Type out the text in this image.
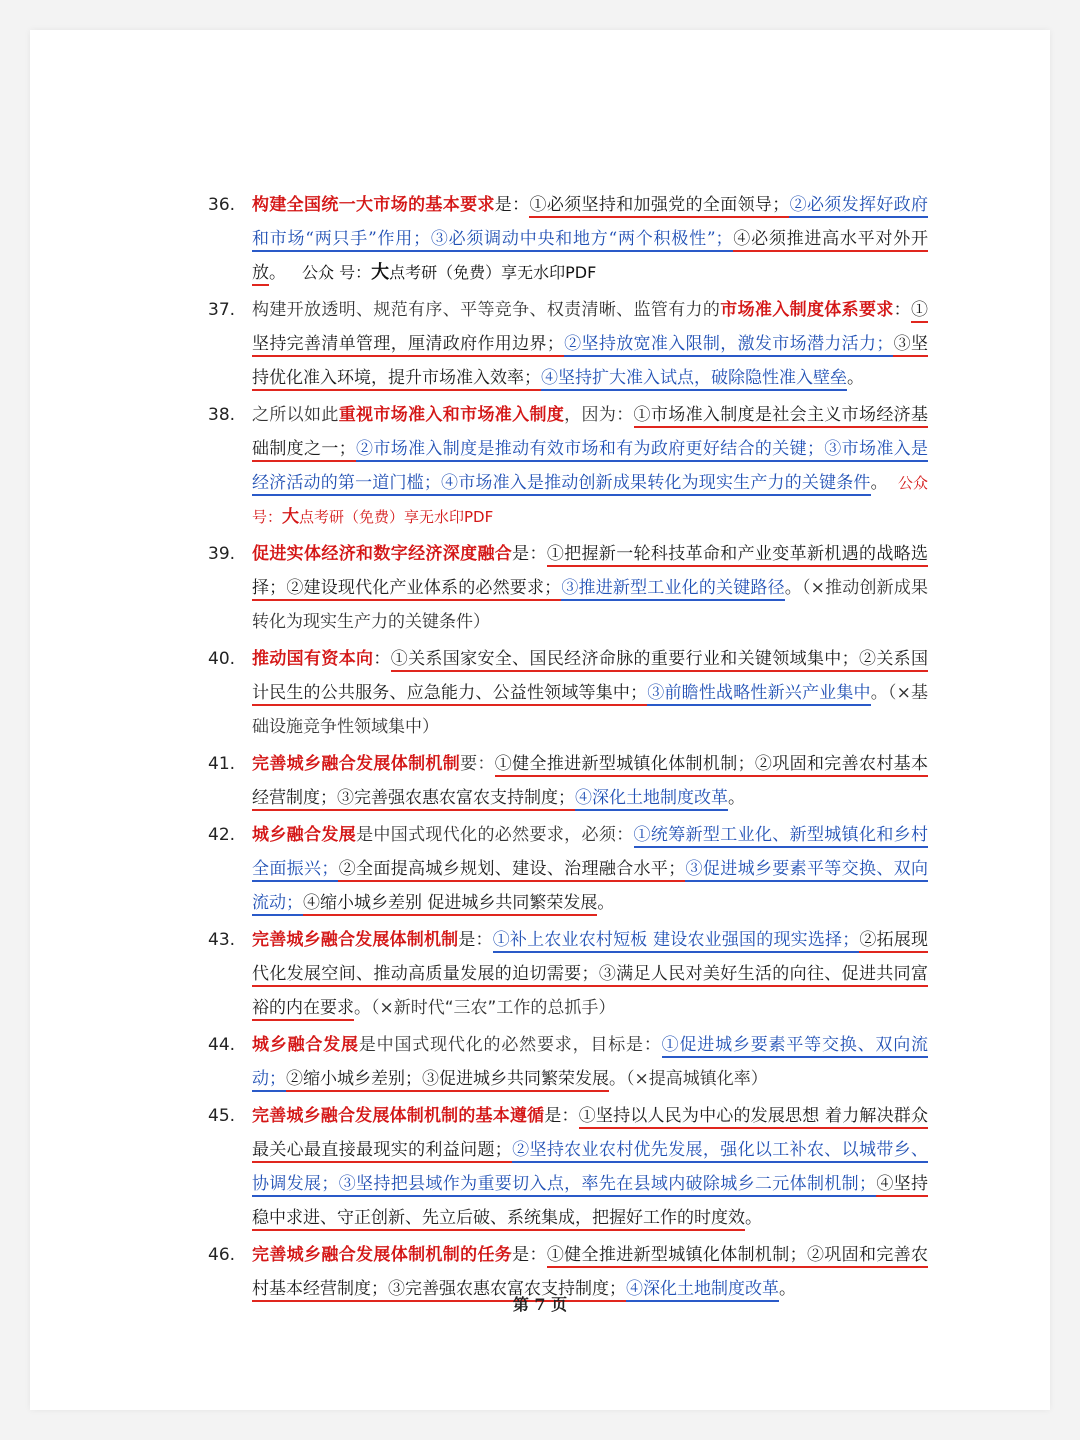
36. 构建全国统一大市场的基本要求是：①必须坚持和加强党的全面领导；②必须发挥好政府和市场“两只手”作用；③必须调动中央和地方“两个积极性”；④必须推进高水平对外开放。 公众 号：大点考研（免费）享无水印PDF
37. 构建开放透明、规范有序、平等竞争、权责清晰、监管有力的市场准入制度体系要求：①坚持完善清单管理，厘清政府作用边界；②坚持放宽准入限制，激发市场潜力活力；③坚持优化准入环境，提升市场准入效率；④坚持扩大准入试点，破除隐性准入壁垒。
38. 之所以如此重视市场准入和市场准入制度，因为：①市场准入制度是社会主义市场经济基础制度之一；②市场准入制度是推动有效市场和有为政府更好结合的关键；③市场准入是经济活动的第一道门槛；④市场准入是推动创新成果转化为现实生产力的关键条件。 公众 号：大点考研（免费）享无水印PDF
39. 促进实体经济和数字经济深度融合是：①把握新一轮科技革命和产业变革新机遇的战略选择；②建设现代化产业体系的必然要求；③推进新型工业化的关键路径。（×推动创新成果转化为现实生产力的关键条件）
40. 推动国有资本向：①关系国家安全、国民经济命脉的重要行业和关键领域集中；②关系国计民生的公共服务、应急能力、公益性领域等集中；③前瞻性战略性新兴产业集中。（×基础设施竞争性领域集中）
41. 完善城乡融合发展体制机制要：①健全推进新型城镇化体制机制；②巩固和完善农村基本经营制度；③完善强农惠农富农支持制度；④深化土地制度改革。
42. 城乡融合发展是中国式现代化的必然要求，必须：①统筹新型工业化、新型城镇化和乡村全面振兴；②全面提高城乡规划、建设、治理融合水平；③促进城乡要素平等交换、双向流动；④缩小城乡差别 促进城乡共同繁荣发展。
43. 完善城乡融合发展体制机制是：①补上农业农村短板 建设农业强国的现实选择；②拓展现代化发展空间、推动高质量发展的迫切需要；③满足人民对美好生活的向往、促进共同富裕的内在要求。（×新时代“三农”工作的总抓手）
44. 城乡融合发展是中国式现代化的必然要求，目标是：①促进城乡要素平等交换、双向流动；②缩小城乡差别；③促进城乡共同繁荣发展。（×提高城镇化率）
45. 完善城乡融合发展体制机制的基本遵循是：①坚持以人民为中心的发展思想 着力解决群众最关心最直接最现实的利益问题；②坚持农业农村优先发展，强化以工补农、以城带乡、协调发展；③坚持把县域作为重要切入点，率先在县域内破除城乡二元体制机制；④坚持稳中求进、守正创新、先立后破、系统集成，把握好工作的时度效。
46. 完善城乡融合发展体制机制的任务是：①健全推进新型城镇化体制机制；②巩固和完善农村基本经营制度；③完善强农惠农富农支持制度；④深化土地制度改革。
第 7 页
